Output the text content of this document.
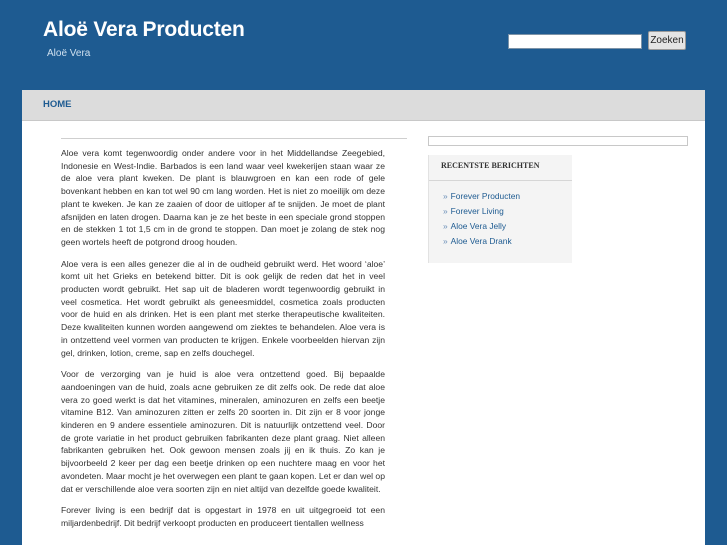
Aloë Vera Producten
Aloë Vera
Zoeken
HOME

Aloe vera komt tegenwoordig onder andere voor in het Middellandse Zeegebied, Indonesie en West-Indie. Barbados is een land waar veel kwekerijen staan waar ze de aloe vera plant kweken. De plant is blauwgroen en kan een rode of gele bovenkant hebben en kan tot wel 90 cm lang worden. Het is niet zo moeilijk om deze plant te kweken. Je kan ze zaaien of door de uitloper af te snijden. Je moet de plant afsnijden en laten drogen. Daarna kan je ze het beste in een speciale grond stoppen en de stekken 1 tot 1,5 cm in de grond te stoppen. Dan moet je zolang de stek nog geen wortels heeft de potgrond droog houden.

Aloe vera is een alles genezer die al in de oudheid gebruikt werd. Het woord ‘aloe’ komt uit het Grieks en betekend bitter. Dit is ook gelijk de reden dat het in veel producten wordt gebruikt. Het sap uit de bladeren wordt tegenwoordig gebruikt in veel cosmetica. Het wordt gebruikt als geneesmiddel, cosmetica zoals producten voor de huid en als drinken. Het is een plant met sterke therapeutische kwaliteiten. Deze kwaliteiten kunnen worden aangewend om ziektes te behandelen. Aloe vera is in ontzettend veel vormen van producten te krijgen. Enkele voorbeelden hiervan zijn gel, drinken, lotion, creme, sap en zelfs douchegel.

Voor de verzorging van je huid is aloe vera ontzettend goed. Bij bepaalde aandoeningen van de huid, zoals acne gebruiken ze dit zelfs ook. De rede dat aloe vera zo goed werkt is dat het vitamines, mineralen, aminozuren en zelfs een beetje vitamine B12. Van aminozuren zitten er zelfs 20 soorten in. Dit zijn er 8 voor jonge kinderen en 9 andere essentiele aminozuren. Dit is natuurlijk ontzettend veel. Door de grote variatie in het product gebruiken fabrikanten deze plant graag. Niet alleen fabrikanten gebruiken het. Ook gewoon mensen zoals jij en ik thuis. Zo kan je bijvoorbeeld 2 keer per dag een beetje drinken op een nuchtere maag en voor het avondeten. Maar mocht je het overwegen een plant te gaan kopen. Let er dan wel op dat er verschillende aloe vera soorten zijn en niet altijd van dezelfde goede kwaliteit.

Forever living is een bedrijf dat is opgestart in 1978 en uit uitgegroeid tot een miljardenbedrijf. Dit bedrijf verkoopt producten en produceert tientallen wellness

RECENTSTE BERICHTEN
» Forever Producten
» Forever Living
» Aloe Vera Jelly
» Aloe Vera Drank
